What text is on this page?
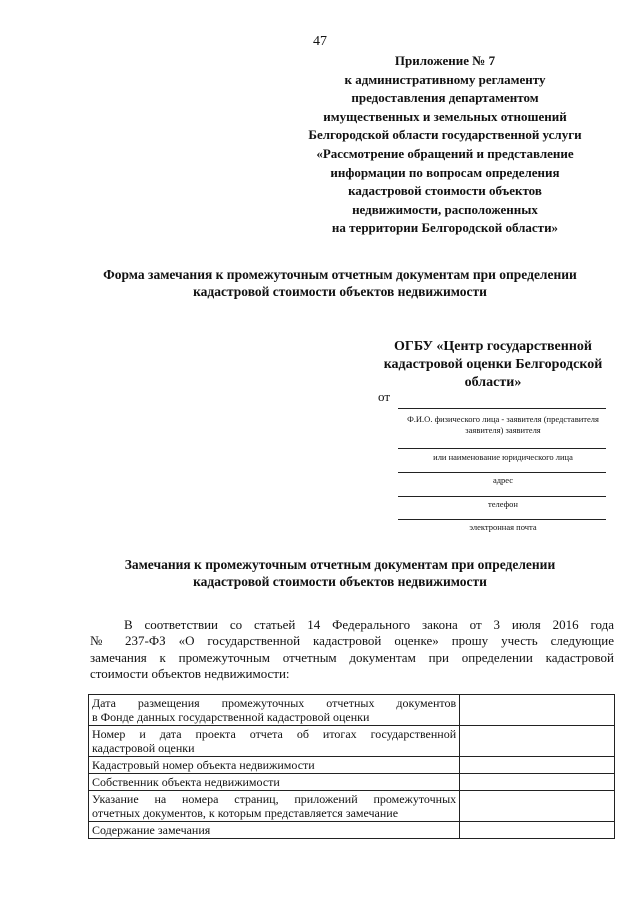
47
Приложение № 7
к административному регламенту
предоставления департаментом
имущественных и земельных отношений
Белгородской области государственной услуги
«Рассмотрение обращений и представление
информации по вопросам определения
кадастровой стоимости объектов
недвижимости, расположенных
на территории Белгородской области»
Форма замечания к промежуточным отчетным документам при определении
кадастровой стоимости объектов недвижимости
ОГБУ «Центр государственной
кадастровой оценки Белгородской
области»
от
Ф.И.О. физического лица - заявителя (представителя заявителя) заявителя
или наименование юридического лица
адрес
телефон
электронная почта
Замечания к промежуточным отчетным документам при определении
кадастровой стоимости объектов недвижимости
В соответствии со статьей 14 Федерального закона от 3 июля 2016 года
№ 237-ФЗ «О государственной кадастровой оценке» прошу учесть следующие
замечания к промежуточным отчетным документам при определении кадастровой
стоимости объектов недвижимости:
Дата размещения промежуточных отчетных документов
в Фонде данных государственной кадастровой оценки	

Номер и дата проекта отчета об итогах государственной
кадастровой оценки	

Кадастровый номер объекта недвижимости	

Собственник объекта недвижимости	

Указание на номера страниц, приложений промежуточных
отчетных документов, к которым представляется замечание	

Содержание замечания	
